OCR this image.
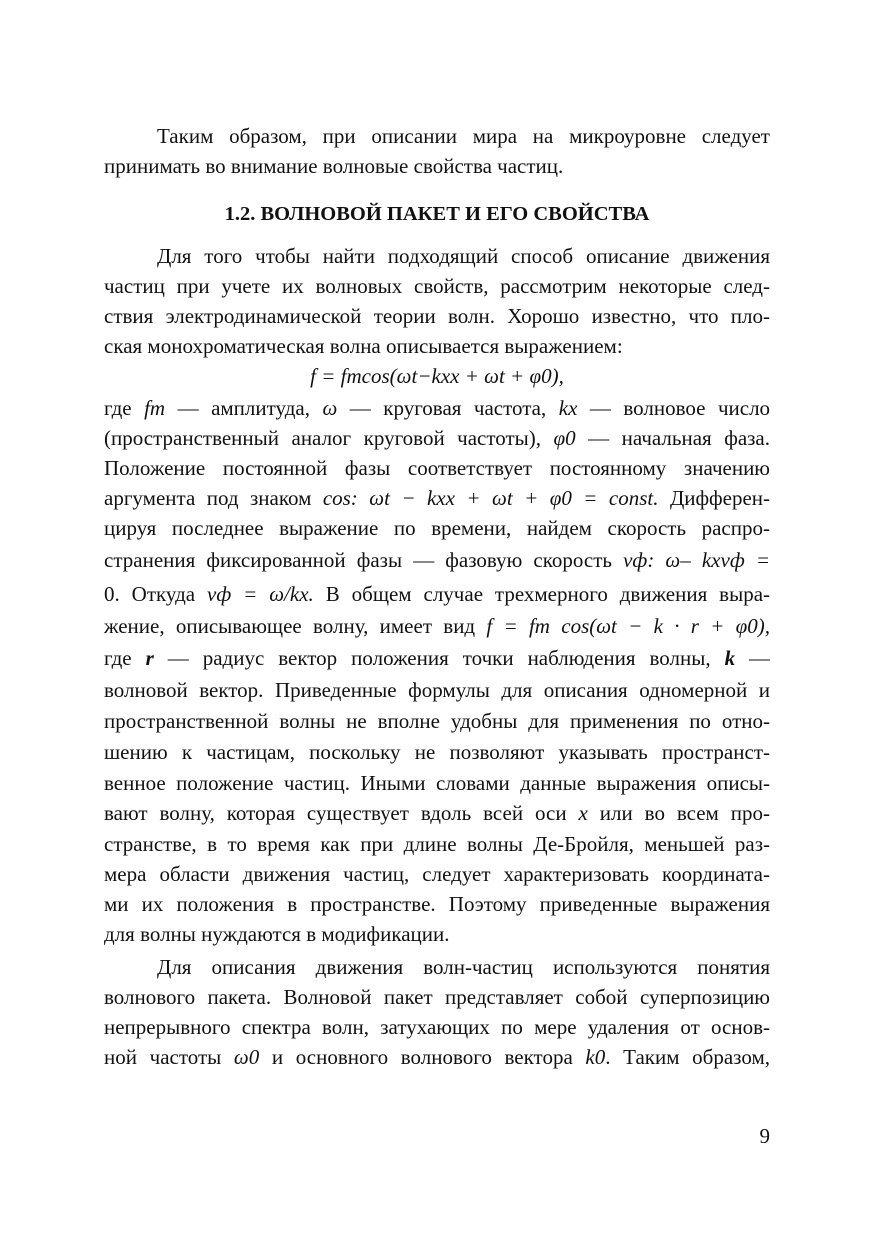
Таким образом, при описании мира на микроуровне следует
принимать во внимание волновые свойства частиц.
1.2. ВОЛНОВОЙ ПАКЕТ И ЕГО СВОЙСТВА
Для того чтобы найти подходящий способ описание движения
частиц при учете их волновых свойств, рассмотрим некоторые след-
ствия электродинамической теории волн. Хорошо известно, что пло-
ская монохроматическая волна описывается выражением:
f = fmcos(ωt−kxx + ωt + φ0),
где fm — амплитуда, ω — круговая частота, kx — волновое число
(пространственный аналог круговой частоты), φ0 — начальная фаза.
Положение постоянной фазы соответствует постоянному значению
аргумента под знаком cos: ωt − kxx + ωt + φ0 = const. Дифферен-
цируя последнее выражение по времени, найдем скорость распро-
странения фиксированной фазы — фазовую скорость vф: ω– kxvф =
0. Откуда vф = ω/kx. В общем случае трехмерного движения выра-
жение, описывающее волну, имеет вид f = fm cos(ωt − k · r + φ0),
где r — радиус вектор положения точки наблюдения волны, k —
волновой вектор. Приведенные формулы для описания одномерной и
пространственной волны не вполне удобны для применения по отно-
шению к частицам, поскольку не позволяют указывать пространст-
венное положение частиц. Иными словами данные выражения описы-
вают волну, которая существует вдоль всей оси x или во всем про-
странстве, в то время как при длине волны Де-Бройля, меньшей раз-
мера области движения частиц, следует характеризовать координата-
ми их положения в пространстве. Поэтому приведенные выражения
для волны нуждаются в модификации.
Для описания движения волн-частиц используются понятия
волнового пакета. Волновой пакет представляет собой суперпозицию
непрерывного спектра волн, затухающих по мере удаления от основ-
ной частоты ω0 и основного волнового вектора k0. Таким образом,
9
